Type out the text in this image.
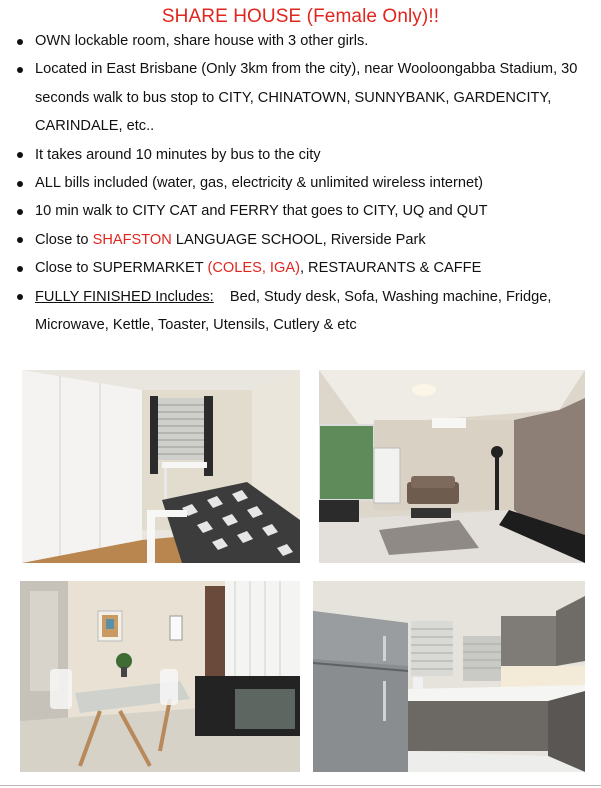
SHARE HOUSE (Female Only)!!
OWN lockable room, share house with 3 other girls.
Located in East Brisbane (Only 3km from the city), near Wooloongabba Stadium, 30 seconds walk to bus stop to CITY, CHINATOWN, SUNNYBANK, GARDENCITY, CARINDALE, etc..
It takes around 10 minutes by bus to the city
ALL bills included (water, gas, electricity & unlimited wireless internet)
10 min walk to CITY CAT and FERRY that goes to CITY, UQ and QUT
Close to SHAFSTON LANGUAGE SCHOOL, Riverside Park
Close to SUPERMARKET (COLES, IGA), RESTAURANTS & CAFFE
FULLY FINISHED Includes:    Bed, Study desk, Sofa, Washing machine, Fridge, Microwave, Kettle, Toaster, Utensils, Cutlery & etc
